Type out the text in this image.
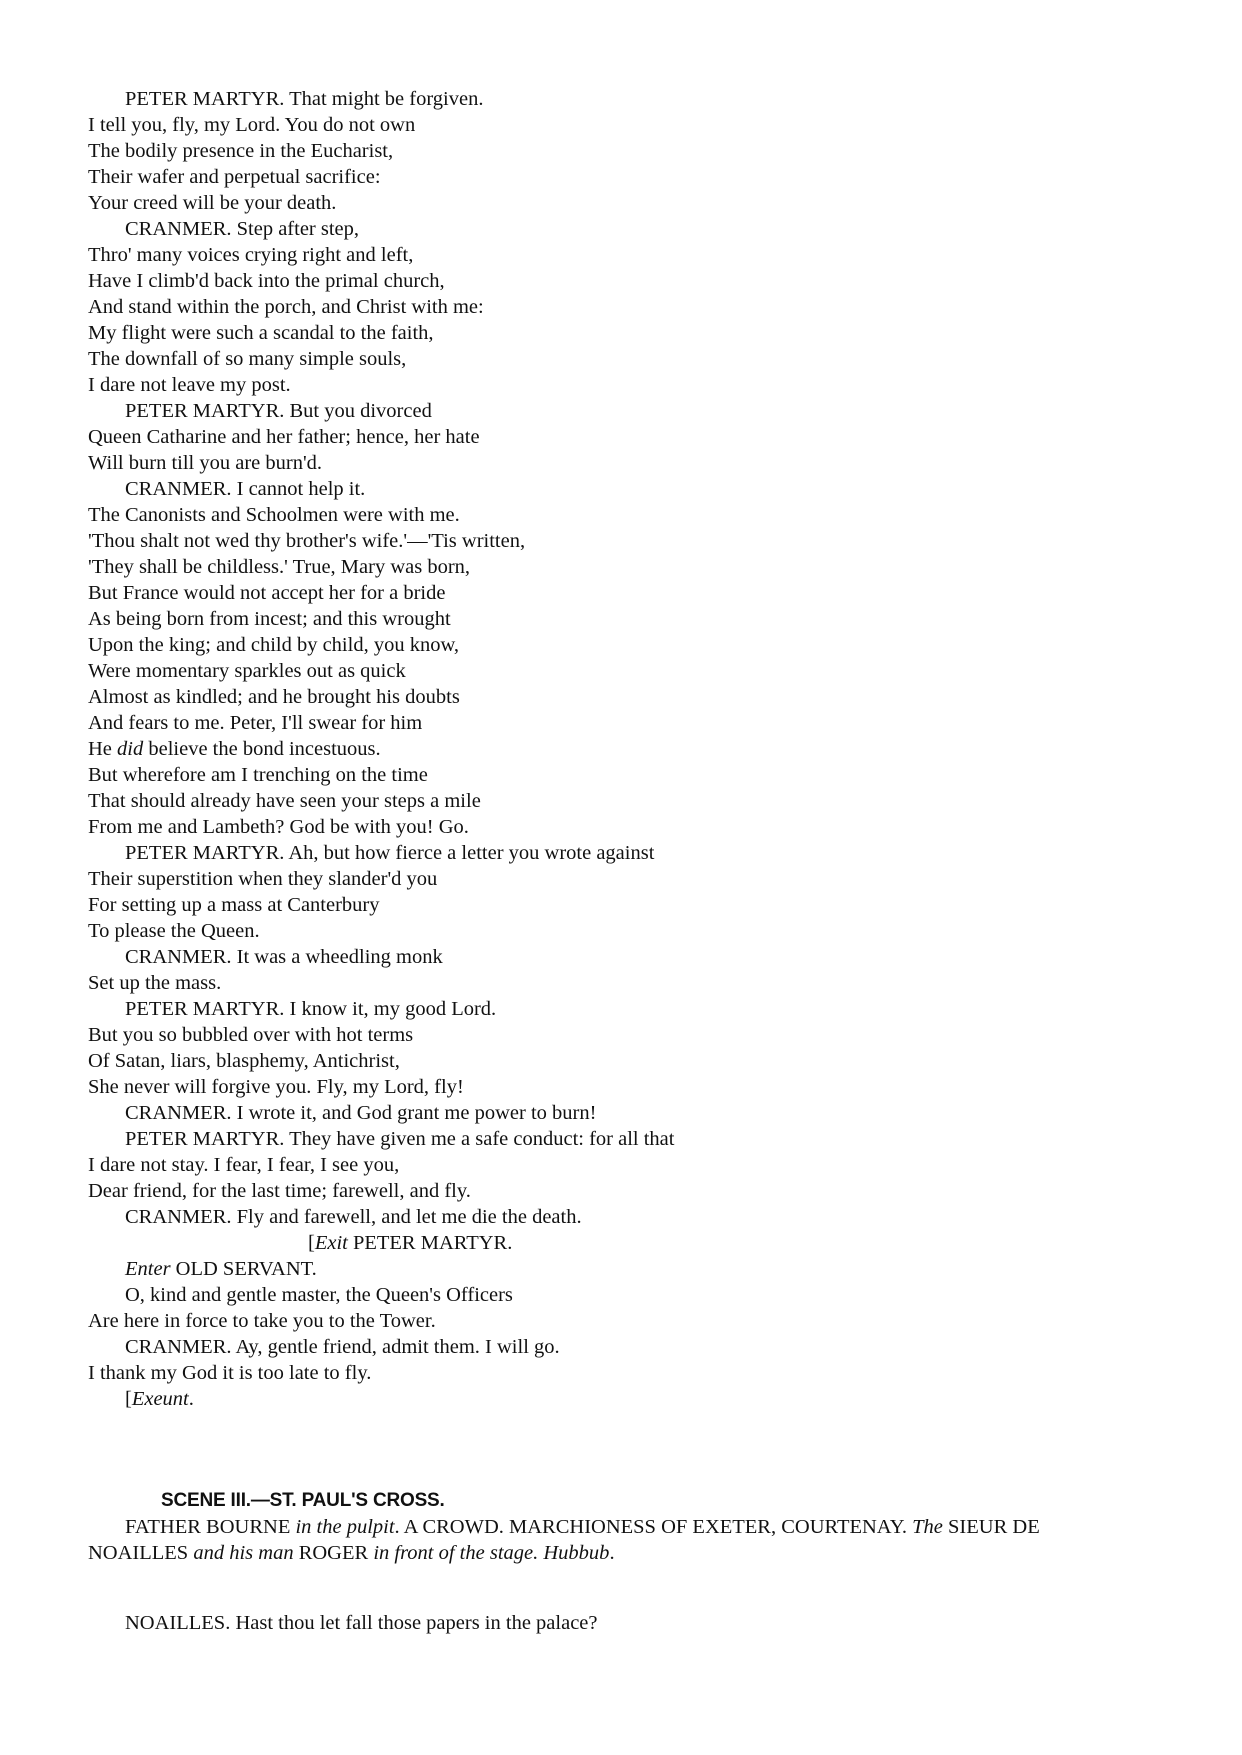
PETER MARTYR. That might be forgiven.
I tell you, fly, my Lord. You do not own
The bodily presence in the Eucharist,
Their wafer and perpetual sacrifice:
Your creed will be your death.
CRANMER. Step after step,
Thro' many voices crying right and left,
Have I climb'd back into the primal church,
And stand within the porch, and Christ with me:
My flight were such a scandal to the faith,
The downfall of so many simple souls,
I dare not leave my post.
PETER MARTYR. But you divorced
Queen Catharine and her father; hence, her hate
Will burn till you are burn'd.
CRANMER. I cannot help it.
The Canonists and Schoolmen were with me.
'Thou shalt not wed thy brother's wife.'—'Tis written,
'They shall be childless.' True, Mary was born,
But France would not accept her for a bride
As being born from incest; and this wrought
Upon the king; and child by child, you know,
Were momentary sparkles out as quick
Almost as kindled; and he brought his doubts
And fears to me. Peter, I'll swear for him
He did believe the bond incestuous.
But wherefore am I trenching on the time
That should already have seen your steps a mile
From me and Lambeth? God be with you! Go.
PETER MARTYR. Ah, but how fierce a letter you wrote against
Their superstition when they slander'd you
For setting up a mass at Canterbury
To please the Queen.
CRANMER. It was a wheedling monk
Set up the mass.
PETER MARTYR. I know it, my good Lord.
But you so bubbled over with hot terms
Of Satan, liars, blasphemy, Antichrist,
She never will forgive you. Fly, my Lord, fly!
CRANMER. I wrote it, and God grant me power to burn!
PETER MARTYR. They have given me a safe conduct: for all that
I dare not stay. I fear, I fear, I see you,
Dear friend, for the last time; farewell, and fly.
CRANMER. Fly and farewell, and let me die the death.
[Exit PETER MARTYR.
Enter OLD SERVANT.
O, kind and gentle master, the Queen's Officers
Are here in force to take you to the Tower.
CRANMER. Ay, gentle friend, admit them. I will go.
I thank my God it is too late to fly.
[Exeunt.
SCENE III.—ST. PAUL'S CROSS.
FATHER BOURNE in the pulpit. A CROWD. MARCHIONESS OF EXETER, COURTENAY. The SIEUR DE NOAILLES and his man ROGER in front of the stage. Hubbub.
NOAILLES. Hast thou let fall those papers in the palace?
